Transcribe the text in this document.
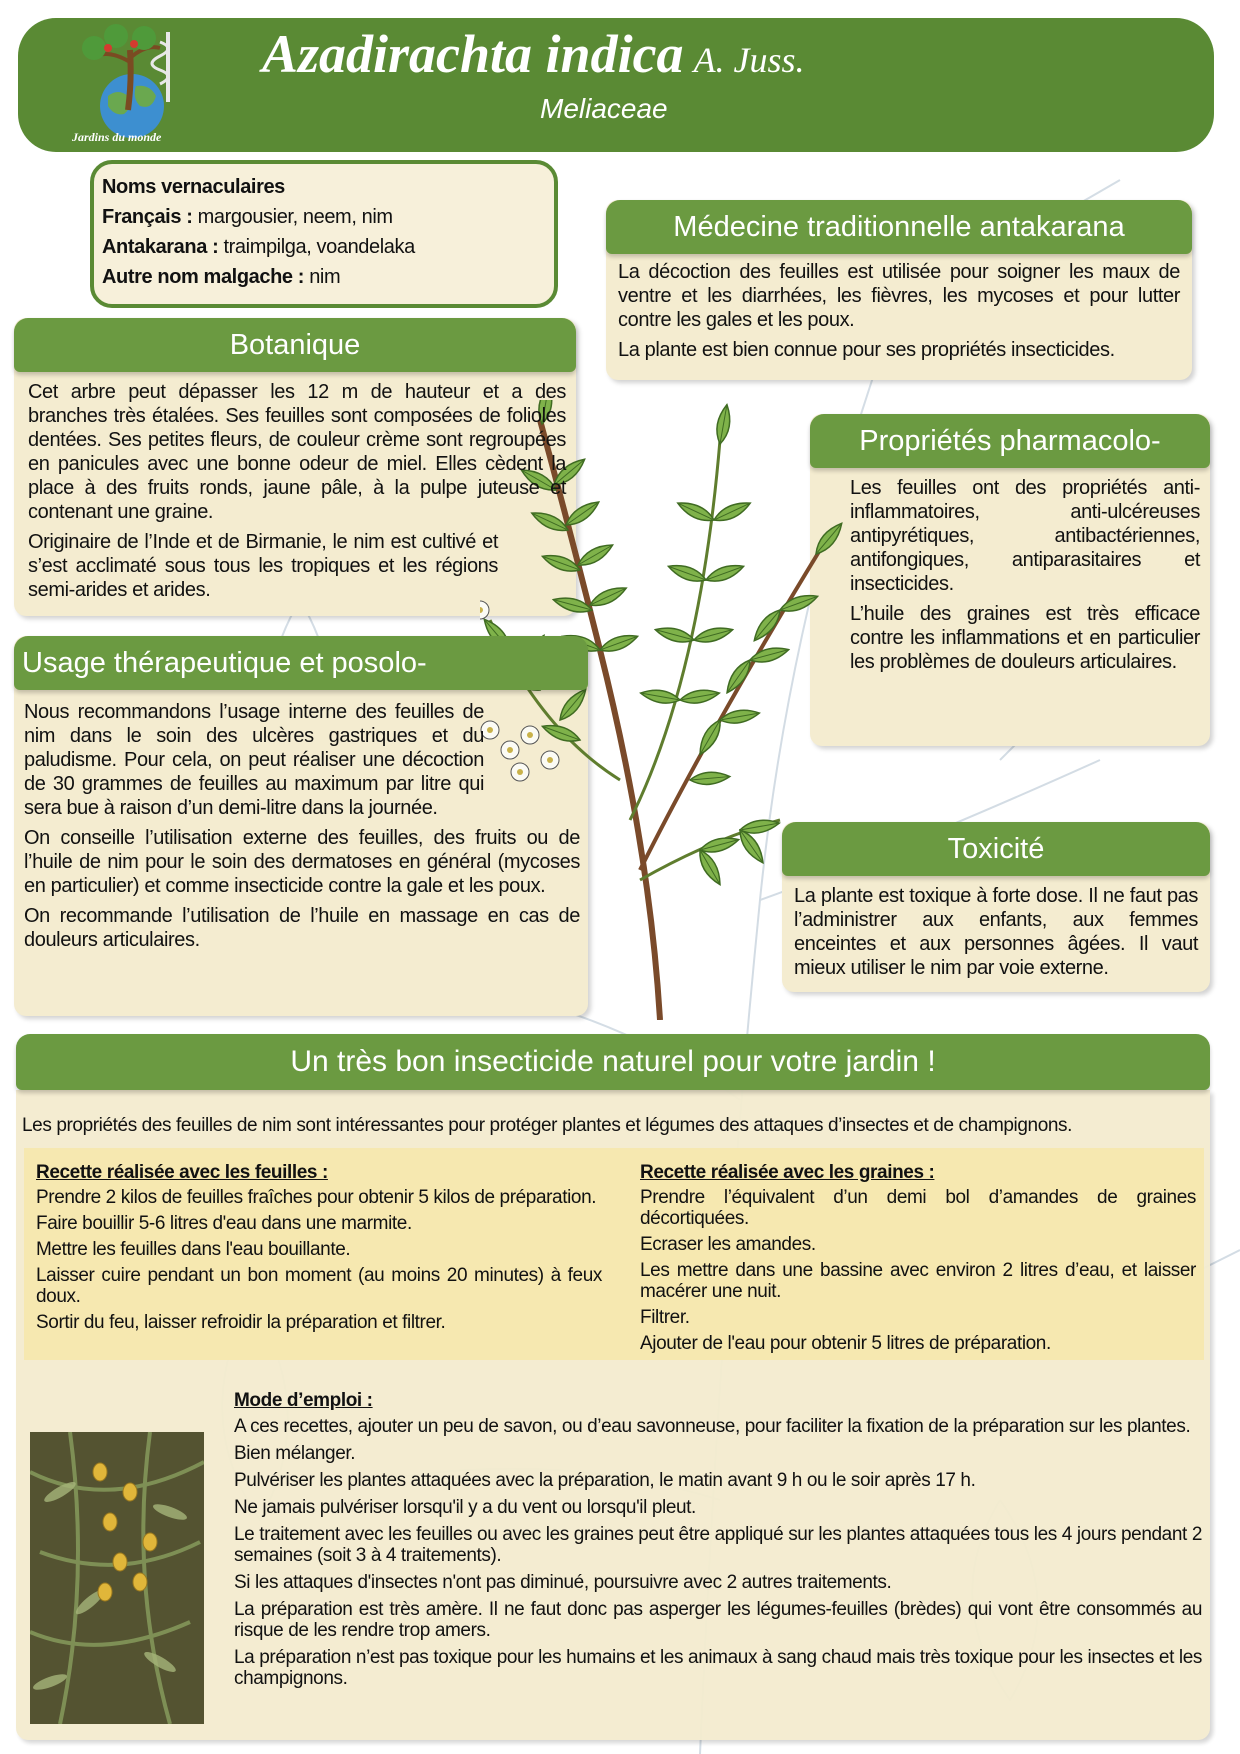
Jardins du monde
Azadirachta indica A. Juss.
Meliaceae
Noms vernaculaires
Français : margousier, neem, nim
Antakarana : traimpilga, voandelaka
Autre nom malgache : nim
Médecine traditionnelle antakarana

La décoction des feuilles est utilisée pour soigner les maux de ventre et les diarrhées, les fièvres, les mycoses et pour lutter contre les gales et les poux.

La plante est bien connue pour ses propriétés insecticides.

Botanique

Cet arbre peut dépasser les 12 m de hauteur et a des branches très étalées. Ses feuilles sont composées de folioles dentées. Ses petites fleurs, de couleur crème sont regroupées en panicules avec une bonne odeur de miel. Elles cèdent la place à des fruits ronds, jaune pâle, à la pulpe juteuse et contenant une graine.

Originaire de l’Inde et de Birmanie, le nim est cultivé et s’est acclimaté sous tous les tropiques et les régions semi-arides et arides.

Propriétés pharmacolo-

Les feuilles ont des propriétés anti-inflammatoires, anti-ulcéreuses antipyrétiques, antibactériennes, antifongiques, antiparasitaires et insecticides.

L’huile des graines est très efficace contre les inflammations et en particulier les problèmes de douleurs articulaires.

Usage thérapeutique et posolo-

Nous recommandons l’usage interne des feuilles de nim dans le soin des ulcères gastriques et du paludisme. Pour cela, on peut réaliser une décoction de 30 grammes de feuilles au maximum par litre qui sera bue à raison d’un demi-litre dans la journée.

On conseille l’utilisation externe des feuilles, des fruits ou de l’huile de nim pour le soin des dermatoses en général (mycoses en particulier) et comme insecticide contre la gale et les poux.

On recommande l’utilisation de l’huile en massage en cas de douleurs articulaires.

Toxicité

La plante est toxique à forte dose. Il ne faut pas l’administrer aux enfants, aux femmes enceintes et aux personnes âgées. Il vaut mieux utiliser le nim par voie externe.

Un très bon insecticide naturel pour votre jardin !
Les propriétés des feuilles de nim sont intéressantes pour protéger plantes et légumes des attaques d’insectes et de champignons.
Recette réalisée avec les feuilles :

Prendre 2 kilos de feuilles fraîches pour obtenir 5 kilos de préparation.

Faire bouillir 5-6 litres d'eau dans une marmite.

Mettre les feuilles dans l'eau bouillante.

Laisser cuire pendant un bon moment (au moins 20 minutes) à feux doux.

Sortir du feu, laisser refroidir la préparation et filtrer.

Recette réalisée avec les graines :

Prendre l’équivalent d’un demi bol d’amandes de graines décortiquées.

Ecraser les amandes.

Les mettre dans une bassine avec environ 2 litres d’eau, et laisser macérer une nuit.

Filtrer.

Ajouter de l'eau pour obtenir 5 litres de préparation.

Mode d’emploi :

A ces recettes, ajouter un peu de savon, ou d’eau savonneuse, pour faciliter la fixation de la préparation sur les plantes.

Bien mélanger.

Pulvériser les plantes attaquées avec la préparation, le matin avant 9 h ou le soir après 17 h.

Ne jamais pulvériser lorsqu'il y a du vent ou lorsqu'il pleut.

Le traitement avec les feuilles ou avec les graines peut être appliqué sur les plantes attaquées tous les 4 jours pendant 2 semaines (soit 3 à 4 traitements).

Si les attaques d'insectes n'ont pas diminué, poursuivre avec 2 autres traitements.

La préparation est très amère. Il ne faut donc pas asperger les légumes-feuilles (brèdes) qui vont être consommés au risque de les rendre trop amers.

La préparation n’est pas toxique pour les humains et les animaux à sang chaud mais très toxique pour les insectes et les champignons.
